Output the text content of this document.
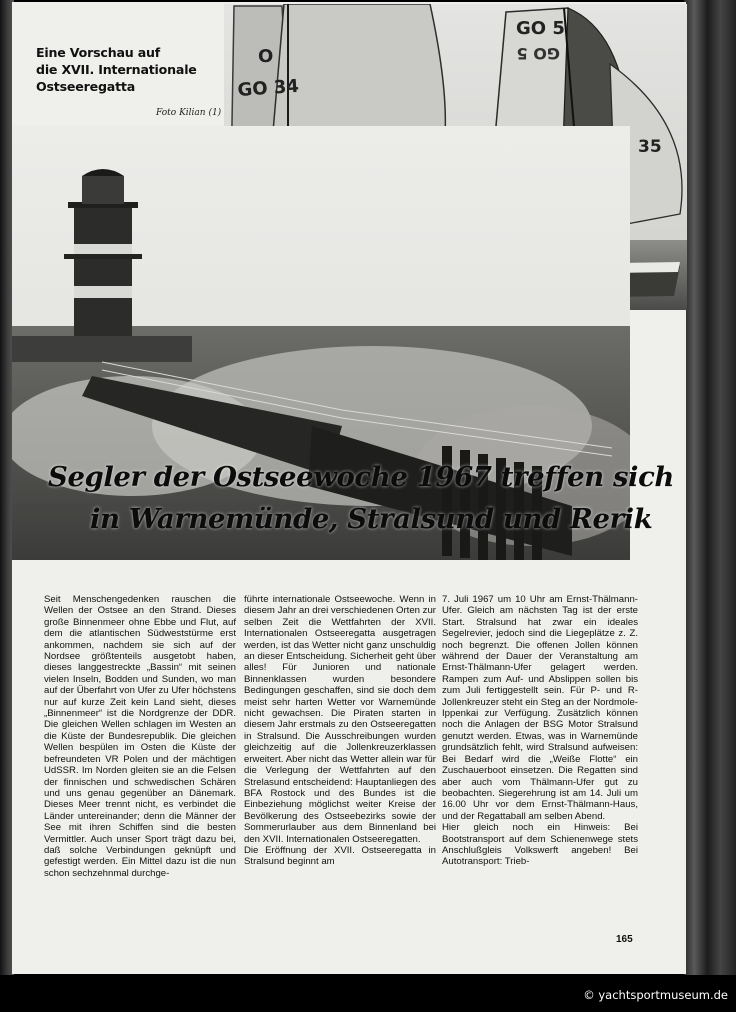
GO 34
O
GO 5
GO 5
35
Eine Vorschau auf
die XVII. Internationale
Ostseeregatta
Foto Kilian (1)
Segler der Ostseewoche 1967 treffen sich
in Warnemünde, Stralsund und Rerik

Seit Menschengedenken rauschen die Wellen der Ostsee an den Strand. Dieses große Binnenmeer ohne Ebbe und Flut, auf dem die atlantischen Südweststürme erst ankommen, nachdem sie sich auf der Nordsee größtenteils ausgetobt haben, dieses langgestreckte „Bassin“ mit seinen vielen Inseln, Bodden und Sunden, wo man auf der Überfahrt von Ufer zu Ufer höchstens nur auf kurze Zeit kein Land sieht, dieses „Binnenmeer“ ist die Nordgrenze der DDR. Die gleichen Wellen schlagen im Westen an die Küste der Bundesrepublik. Die gleichen Wellen bespülen im Osten die Küste der befreundeten VR Polen und der mächtigen UdSSR. Im Norden gleiten sie an die Felsen der finnischen und schwedischen Schären und uns genau gegenüber an Dänemark. Dieses Meer trennt nicht, es verbindet die Länder untereinander; denn die Männer der See mit ihren Schiffen sind die besten Vermittler. Auch unser Sport trägt dazu bei, daß solche Verbindungen geknüpft und gefestigt werden. Ein Mittel dazu ist die nun schon sechzehnmal durchge-

führte internationale Ostseewoche. Wenn in diesem Jahr an drei verschiedenen Orten zur selben Zeit die Wettfahrten der XVII. Internationalen Ostseeregatta ausgetragen werden, ist das Wetter nicht ganz unschuldig an dieser Entscheidung. Sicherheit geht über alles! Für Junioren und nationale Binnenklassen wurden besondere Bedingungen geschaffen, sind sie doch dem meist sehr harten Wetter vor Warnemünde nicht gewachsen. Die Piraten starten in diesem Jahr erstmals zu den Ostseeregatten in Stralsund. Die Ausschreibungen wurden gleichzeitig auf die Jollenkreuzerklassen erweitert. Aber nicht das Wetter allein war für die Verlegung der Wettfahrten auf den Strelasund entscheidend: Hauptanliegen des BFA Rostock und des Bundes ist die Einbeziehung möglichst weiter Kreise der Bevölkerung des Ostseebezirks sowie der Sommerurlauber aus dem Binnenland bei den XVII. Internationalen Ostseeregatten.

Die Eröffnung der XVII. Ostseeregatta in Stralsund beginnt am

7. Juli 1967 um 10 Uhr am Ernst-Thälmann-Ufer. Gleich am nächsten Tag ist der erste Start. Stralsund hat zwar ein ideales Segelrevier, jedoch sind die Liegeplätze z. Z. noch begrenzt. Die offenen Jollen können während der Dauer der Veranstaltung am Ernst-Thälmann-Ufer gelagert werden. Rampen zum Auf- und Abslippen sollen bis zum Juli fertiggestellt sein. Für P- und R-Jollenkreuzer steht ein Steg an der Nordmole-Ippenkai zur Verfügung. Zusätzlich können noch die Anlagen der BSG Motor Stralsund genutzt werden. Etwas, was in Warnemünde grundsätzlich fehlt, wird Stralsund aufweisen: Bei Bedarf wird die „Weiße Flotte“ ein Zuschauerboot einsetzen. Die Regatten sind aber auch vom Thälmann-Ufer gut zu beobachten. Siegerehrung ist am 14. Juli um 16.00 Uhr vor dem Ernst-Thälmann-Haus, und der Regattaball am selben Abend.

Hier gleich noch ein Hinweis: Bei Bootstransport auf dem Schienenwege stets Anschlußgleis Volkswerft angeben! Bei Autotransport: Trieb-

165
© yachtsportmuseum.de
